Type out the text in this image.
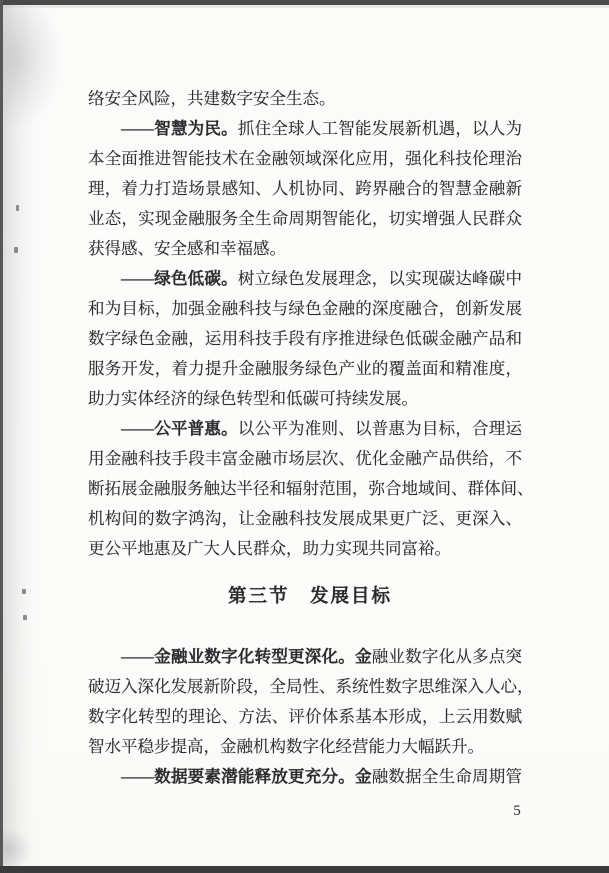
络安全风险，共建数字安全生态。
——智慧为民。抓住全球人工智能发展新机遇，以人为
本全面推进智能技术在金融领域深化应用，强化科技伦理治
理，着力打造场景感知、人机协同、跨界融合的智慧金融新
业态，实现金融服务全生命周期智能化，切实增强人民群众
获得感、安全感和幸福感。
——绿色低碳。树立绿色发展理念，以实现碳达峰碳中
和为目标，加强金融科技与绿色金融的深度融合，创新发展
数字绿色金融，运用科技手段有序推进绿色低碳金融产品和
服务开发，着力提升金融服务绿色产业的覆盖面和精准度，
助力实体经济的绿色转型和低碳可持续发展。
——公平普惠。以公平为准则、以普惠为目标，合理运
用金融科技手段丰富金融市场层次、优化金融产品供给，不
断拓展金融服务触达半径和辐射范围，弥合地域间、群体间、
机构间的数字鸿沟，让金融科技发展成果更广泛、更深入、
更公平地惠及广大人民群众，助力实现共同富裕。
第三节　发展目标
——金融业数字化转型更深化。金融业数字化从多点突
破迈入深化发展新阶段，全局性、系统性数字思维深入人心，
数字化转型的理论、方法、评价体系基本形成，上云用数赋
智水平稳步提高，金融机构数字化经营能力大幅跃升。
——数据要素潜能释放更充分。金融数据全生命周期管
5
